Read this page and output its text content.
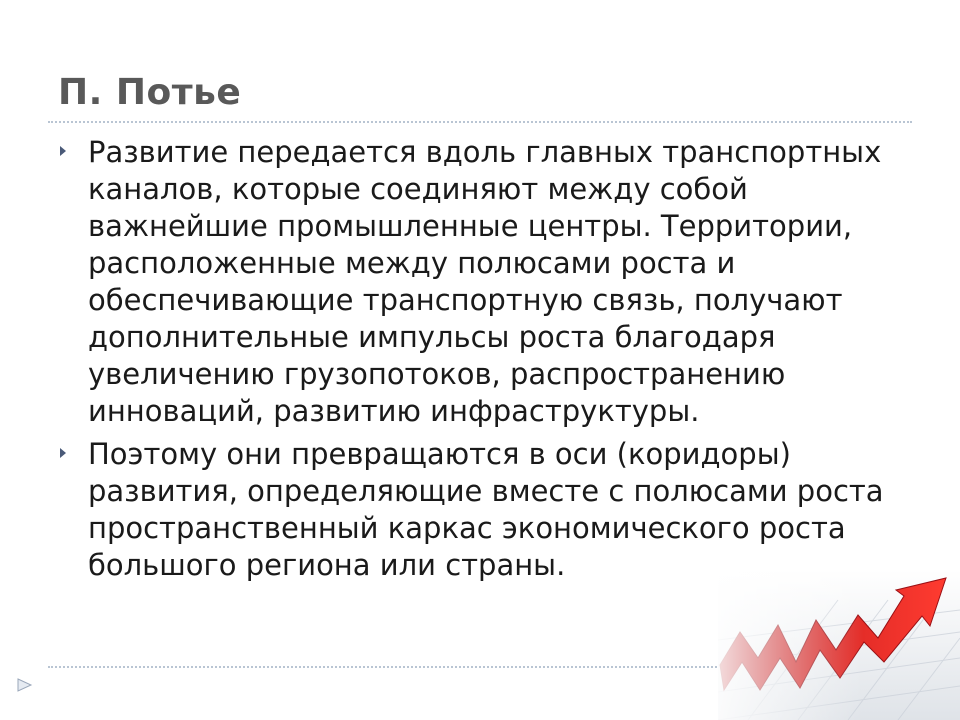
П. Потье

Развитие передается вдоль главных транспортных каналов, которые соединяют между собой важнейшие промышленные центры. Территории, расположенные между полюсами роста и обеспечивающие транспортную связь, получают дополнительные импульсы роста благодаря увеличению грузопотоков, распространению инноваций, развитию инфраструктуры.

Поэтому они превращаются в оси (коридоры) развития, определяющие вместе с полюсами роста пространственный каркас экономического роста большого региона или страны.
